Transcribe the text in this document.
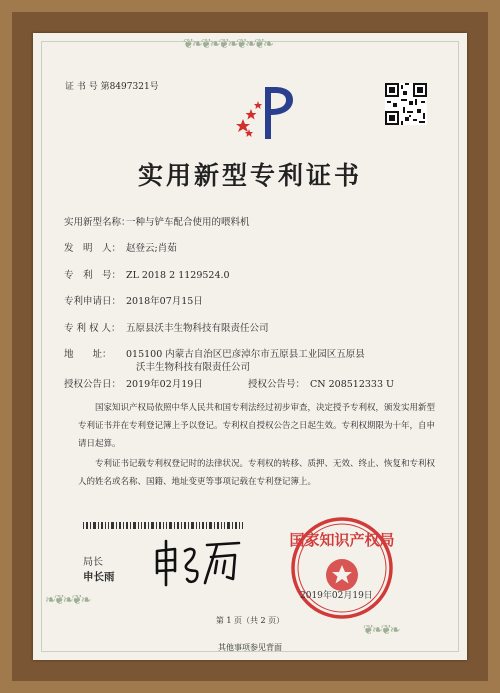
❦❧❦❧❦❧❦❧❦❧
❧❦❧❦❧
❦❧❦❧
证 书 号 第8497321号
实用新型专利证书
实用新型名称：一种与铲车配合使用的喂料机
发　明　人： 赵登云;肖茹
专　利　号： ZL 2018 2 1129524.0
专利申请日： 2018年07月15日
专 利 权 人： 五原县沃丰生物科技有限责任公司
地　　址： 015100 内蒙古自治区巴彦淖尔市五原县工业园区五原县
沃丰生物科技有限责任公司
授权公告日： 2019年02月19日	授权公告号： CN 208512333 U

国家知识产权局依照中华人民共和国专利法经过初步审查，决定授予专利权，颁发实用新型专利证书并在专利登记簿上予以登记。专利权自授权公告之日起生效。专利权期限为十年，自申请日起算。

专利证书记载专利权登记时的法律状况。专利权的转移、质押、无效、终止、恢复和专利权人的姓名或名称、国籍、地址变更等事项记载在专利登记簿上。

局长
申长雨
国家知识产权局
2019年02月19日
第 1 页（共 2 页）
其他事项参见背面
